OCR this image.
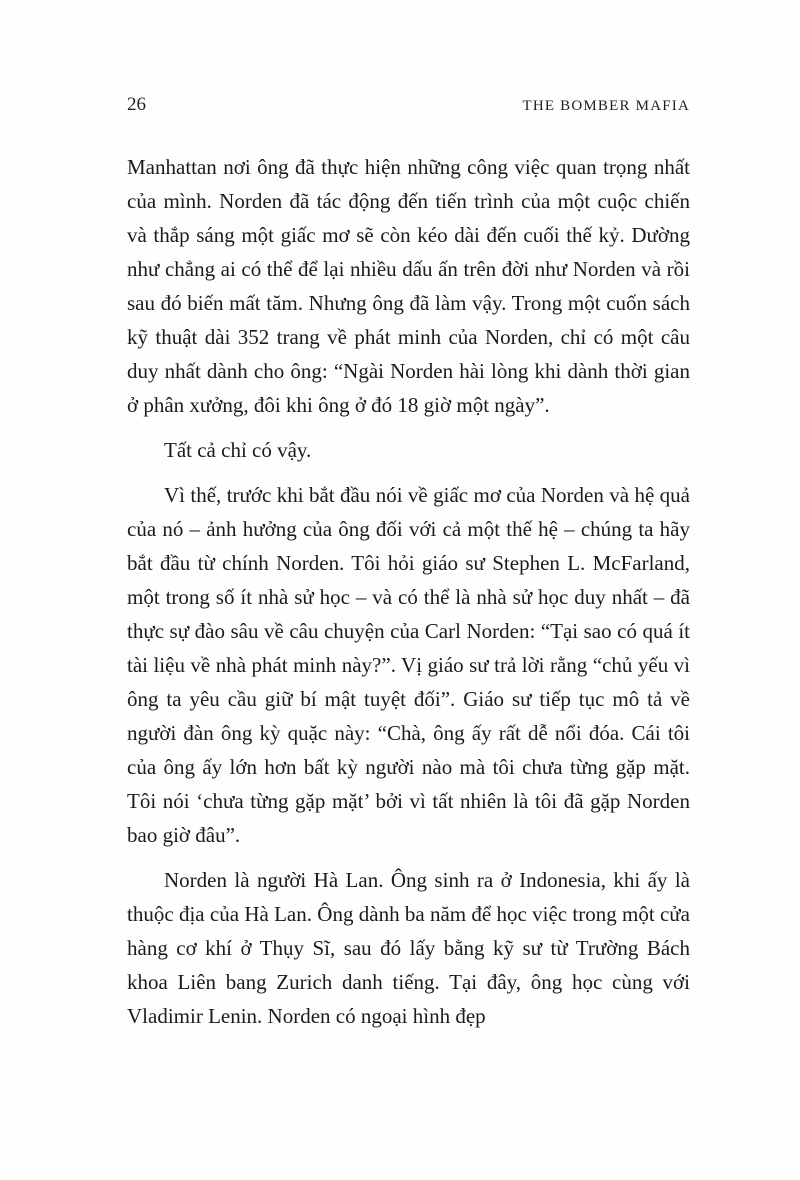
26	THE BOMBER MAFIA

Manhattan nơi ông đã thực hiện những công việc quan trọng nhất của mình. Norden đã tác động đến tiến trình của một cuộc chiến và thắp sáng một giấc mơ sẽ còn kéo dài đến cuối thế kỷ. Dường như chẳng ai có thể để lại nhiều dấu ấn trên đời như Norden và rồi sau đó biến mất tăm. Nhưng ông đã làm vậy. Trong một cuốn sách kỹ thuật dài 352 trang về phát minh của Norden, chỉ có một câu duy nhất dành cho ông: “Ngài Norden hài lòng khi dành thời gian ở phân xưởng, đôi khi ông ở đó 18 giờ một ngày”.

Tất cả chỉ có vậy.

Vì thế, trước khi bắt đầu nói về giấc mơ của Norden và hệ quả của nó – ảnh hưởng của ông đối với cả một thế hệ – chúng ta hãy bắt đầu từ chính Norden. Tôi hỏi giáo sư Stephen L. McFarland, một trong số ít nhà sử học – và có thể là nhà sử học duy nhất – đã thực sự đào sâu về câu chuyện của Carl Norden: “Tại sao có quá ít tài liệu về nhà phát minh này?”. Vị giáo sư trả lời rằng “chủ yếu vì ông ta yêu cầu giữ bí mật tuyệt đối”. Giáo sư tiếp tục mô tả về người đàn ông kỳ quặc này: “Chà, ông ấy rất dễ nổi đóa. Cái tôi của ông ấy lớn hơn bất kỳ người nào mà tôi chưa từng gặp mặt. Tôi nói ‘chưa từng gặp mặt’ bởi vì tất nhiên là tôi đã gặp Norden bao giờ đâu”.

Norden là người Hà Lan. Ông sinh ra ở Indonesia, khi ấy là thuộc địa của Hà Lan. Ông dành ba năm để học việc trong một cửa hàng cơ khí ở Thụy Sĩ, sau đó lấy bằng kỹ sư từ Trường Bách khoa Liên bang Zurich danh tiếng. Tại đây, ông học cùng với Vladimir Lenin. Norden có ngoại hình đẹp
